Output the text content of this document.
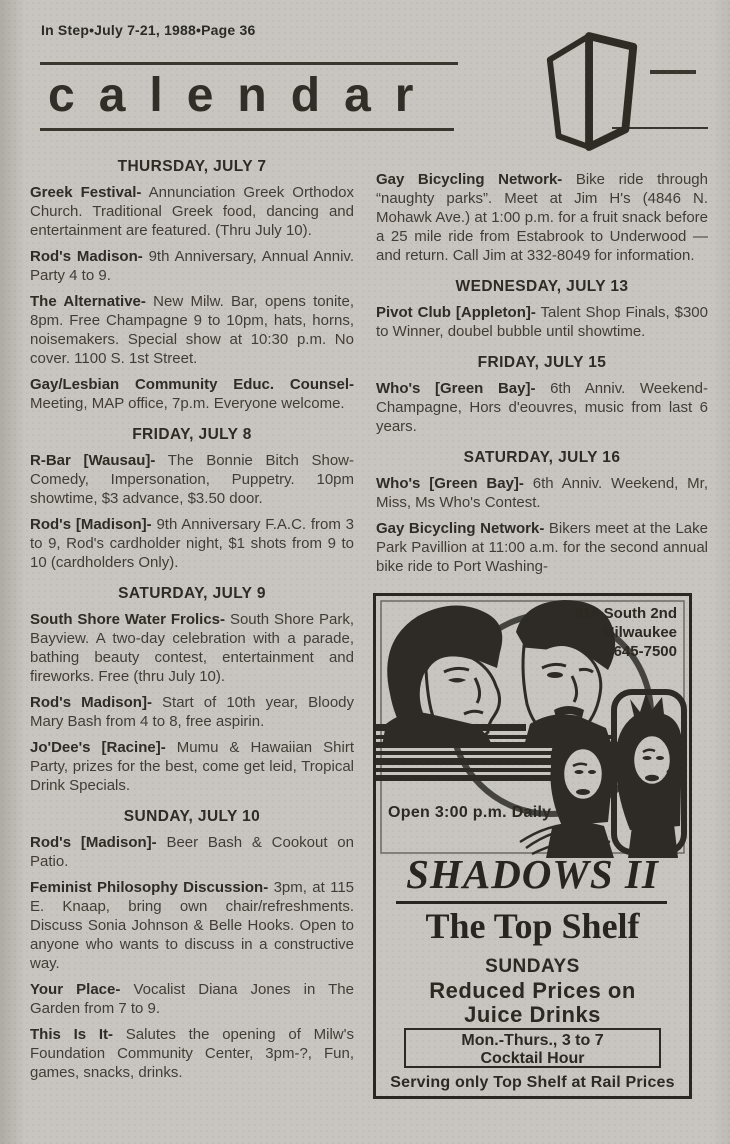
In Step•July 7-21, 1988•Page 36
calendar
THURSDAY, JULY 7

Greek Festival- Annunciation Greek Orthodox Church. Traditional Greek food, dancing and entertainment are featured. (Thru July 10).

Rod's Madison- 9th Anniversary, Annual Anniv. Party 4 to 9.

The Alternative- New Milw. Bar, opens tonite, 8pm. Free Champagne 9 to 10pm, hats, horns, noisemakers. Special show at 10:30 p.m. No cover. 1100 S. 1st Street.

Gay/Lesbian Community Educ. Counsel- Meeting, MAP office, 7p.m. Everyone welcome.

FRIDAY, JULY 8

R-Bar [Wausau]- The Bonnie Bitch Show- Comedy, Impersonation, Puppetry. 10pm showtime, $3 advance, $3.50 door.

Rod's [Madison]- 9th Anniversary F.A.C. from 3 to 9, Rod's cardholder night, $1 shots from 9 to 10 (cardholders Only).

SATURDAY, JULY 9

South Shore Water Frolics- South Shore Park, Bayview. A two-day celebration with a parade, bathing beauty contest, entertainment and fireworks. Free (thru July 10).

Rod's Madison]- Start of 10th year, Bloody Mary Bash from 4 to 8, free aspirin.

Jo'Dee's [Racine]- Mumu & Hawaiian Shirt Party, prizes for the best, come get leid, Tropical Drink Specials.

SUNDAY, JULY 10

Rod's [Madison]- Beer Bash & Cookout on Patio.

Feminist Philosophy Discussion- 3pm, at 115 E. Knaap, bring own chair/refreshments. Discuss Sonia Johnson & Belle Hooks. Open to anyone who wants to discuss in a constructive way.

Your Place- Vocalist Diana Jones in The Garden from 7 to 9.

This Is It- Salutes the opening of Milw's Foundation Community Center, 3pm-?, Fun, games, snacks, drinks.

Gay Bicycling Network- Bike ride through “naughty parks”. Meet at Jim H's (4846 N. Mohawk Ave.) at 1:00 p.m. for a fruit snack before a 25 mile ride from Estabrook to Underwood — and return. Call Jim at 332-8049 for information.

WEDNESDAY, JULY 13

Pivot Club [Appleton]- Talent Shop Finals, $300 to Winner, doubel bubble until showtime.

FRIDAY, JULY 15

Who's [Green Bay]- 6th Anniv. Weekend- Champagne, Hors d'eouvres, music from last 6 years.

SATURDAY, JULY 16

Who's [Green Bay]- 6th Anniv. Weekend, Mr, Miss, Ms Who's Contest.

Gay Bicycling Network- Bikers meet at the Lake Park Pavillion at 11:00 a.m. for the second annual bike ride to Port Washing-

814 South 2nd
Milwaukee
645-7500
Open 3:00 p.m. Daily
SHADOWS II
The Top Shelf
SUNDAYS
Reduced Prices on
Juice Drinks
Mon.-Thurs., 3 to 7
Cocktail Hour
Serving only Top Shelf at Rail Prices
